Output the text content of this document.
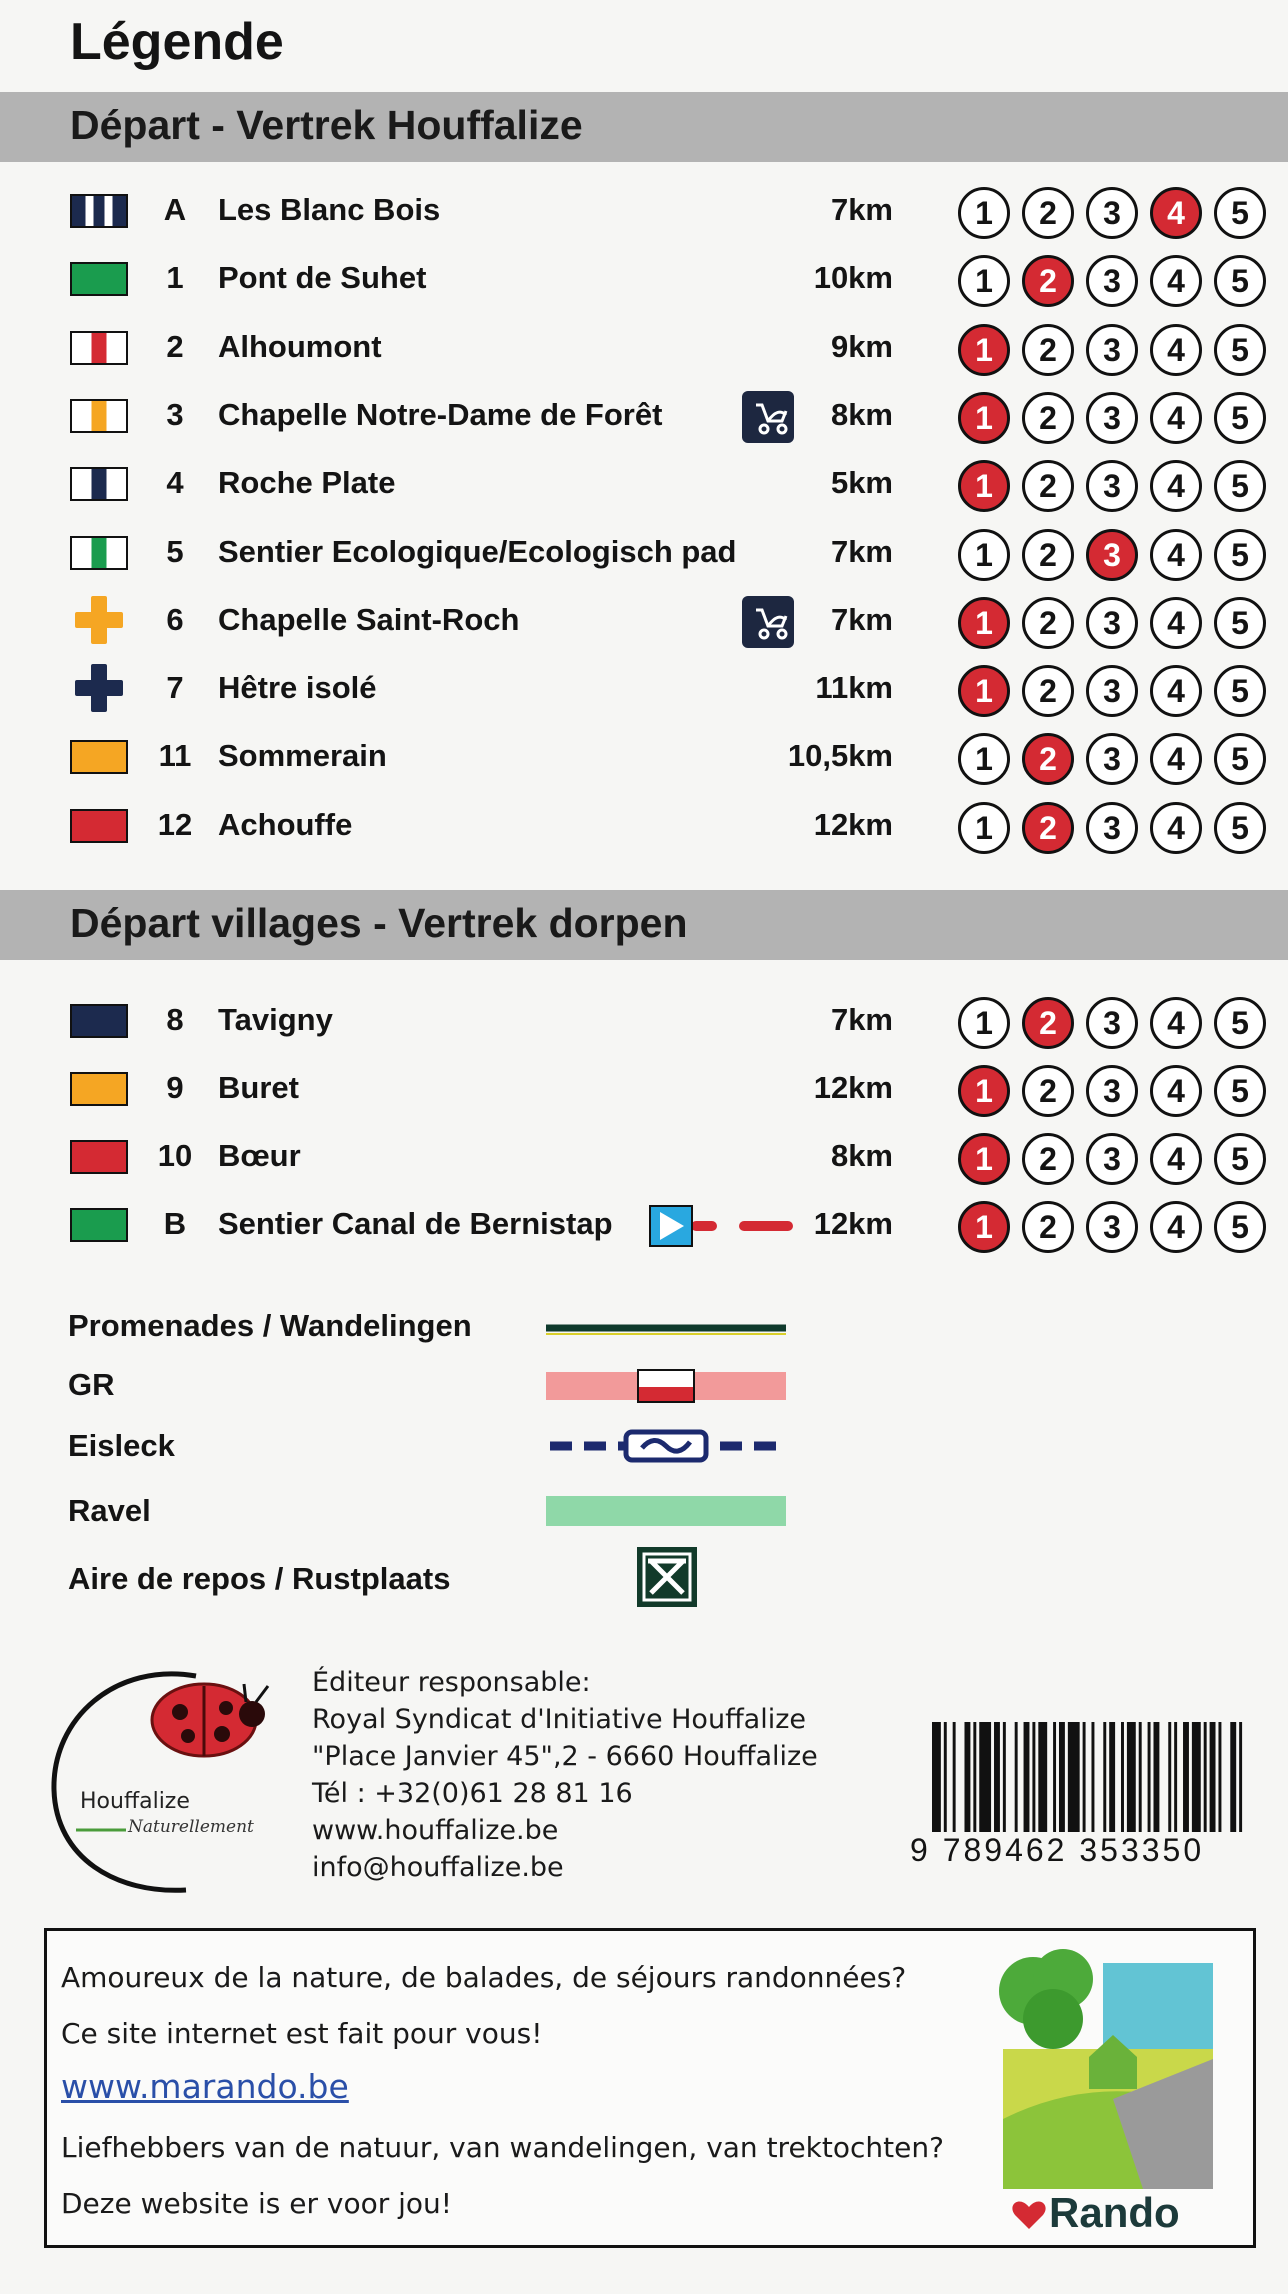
Légende
Départ - Vertrek Houffalize
A	Les Blanc Bois	7km	1	2	3	4	5
1	Pont de Suhet	10km	1	2	3	4	5
2	Alhoumont	9km	1	2	3	4	5
3	Chapelle Notre-Dame de Forêt	8km	1	2	3	4	5
4	Roche Plate	5km	1	2	3	4	5
5	Sentier Ecologique/Ecologisch pad	7km	1	2	3	4	5
6	Chapelle Saint-Roch	7km	1	2	3	4	5
7	Hêtre isolé	11km	1	2	3	4	5
11 Sommerain	10,5km	1	2	3	4	5
12 Achouffe	12km	1	2	3	4	5
Départ villages - Vertrek dorpen
8	Tavigny	7km	1	2	3	4	5
9	Buret	12km	1	2	3	4	5
10 Bœur	8km	1	2	3	4	5
B	Sentier Canal de Bernistap	12km	1	2	3	4	5
Promenades / Wandelingen
GR
Eisleck
Ravel
Aire de repos / Rustplaats
Houffalize
Naturellement
Éditeur responsable:
Royal Syndicat d'Initiative Houffalize
"Place Janvier 45",2 - 6660 Houffalize
Tél : +32(0)61 28 81 16
www.houffalize.be
info@houffalize.be	9 789462 353350
Amoureux de la nature, de balades, de séjours randonnées?
Ce site internet est fait pour vous!
www.marando.be
Liefhebbers van de natuur, van wandelingen, van trektochten?
Deze website is er voor jou!	Rando
